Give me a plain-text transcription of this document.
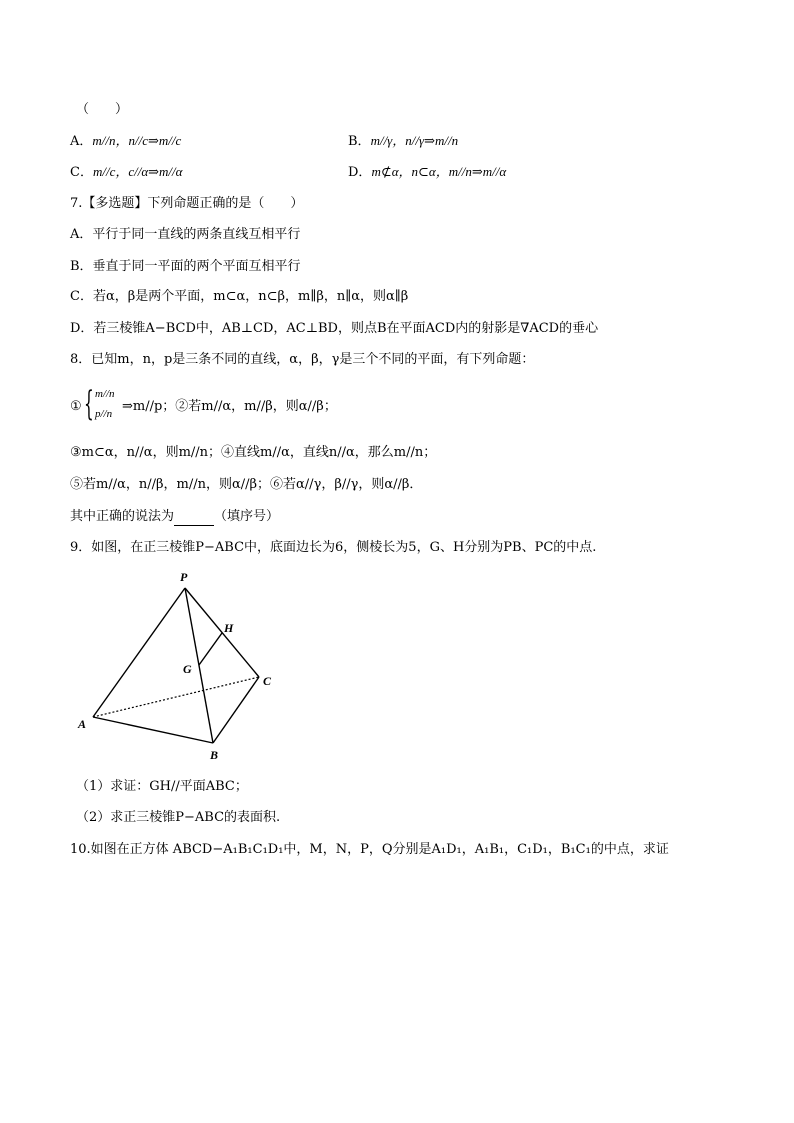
（　　）
A．m//n，n//c⇒m//c	B．m//γ，n//γ⇒m//n
C．m//c，c//α⇒m//α	D．m⊄α，n⊂α，m//n⇒m//α
7.【多选题】下列命题正确的是（　　）
A．平行于同一直线的两条直线互相平行
B．垂直于同一平面的两个平面互相平行
C．若α，β是两个平面，m⊂α，n⊂β，m∥β，n∥α，则α∥β
D．若三棱锥A−BCD中，AB⊥CD，AC⊥BD，则点B在平面ACD内的射影是∇ACD的垂心
8．已知m，n，p是三条不同的直线，α，β，γ是三个不同的平面，有下列命题：
① { m//n
p//n ⇒m//p；②若m//α，m//β，则α//β；
③m⊂α，n//α，则m//n；④直线m//α，直线n//α，那么m//n；
⑤若m//α，n//β，m//n，则α//β；⑥若α//γ，β//γ，则α//β．
其中正确的说法为	（填序号）
9．如图，在正三棱锥P−ABC中，底面边长为6，侧棱长为5，G、H分别为PB、PC的中点.
P
H
G
C
A
B
（1）求证：GH//平面ABC；
（2）求正三棱锥P−ABC的表面积.
10.如图在正方体 ABCD−A₁B₁C₁D₁中，M，N，P，Q分别是A₁D₁，A₁B₁，C₁D₁，B₁C₁的中点，求证
